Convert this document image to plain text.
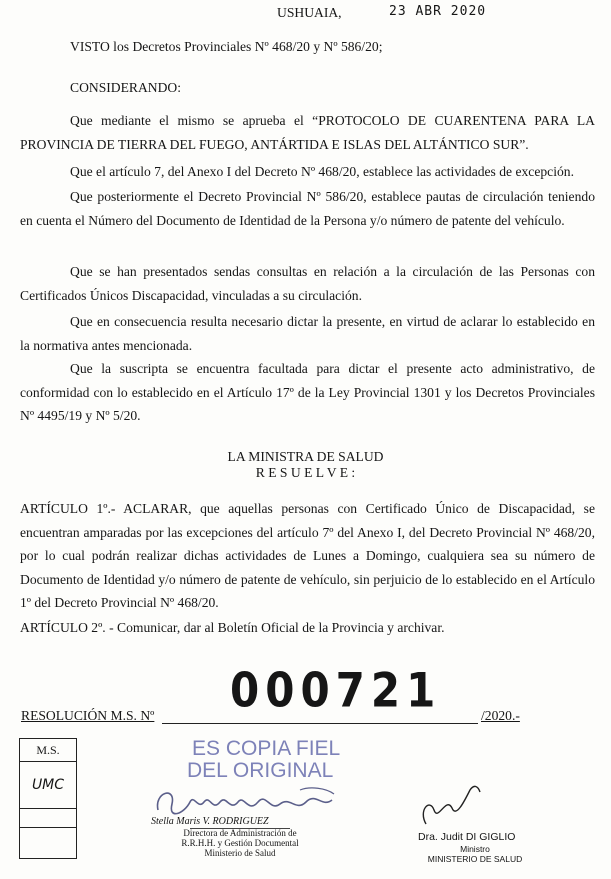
USHUAIA,	23 ABR 2020
VISTO los Decretos Provinciales Nº 468/20 y Nº 586/20;
CONSIDERANDO:
Que mediante el mismo se aprueba el “PROTOCOLO DE CUARENTENA PARA LA PROVINCIA DE TIERRA DEL FUEGO, ANTÁRTIDA E ISLAS DEL ALTÁNTICO SUR”.
Que el artículo 7, del Anexo I del Decreto Nº 468/20, establece las actividades de excepción.
Que posteriormente el Decreto Provincial Nº 586/20, establece pautas de circulación teniendo en cuenta el Número del Documento de Identidad de la Persona y/o número de patente del vehículo.
Que se han presentados sendas consultas en relación a la circulación de las Personas con Certificados Únicos Discapacidad, vinculadas a su circulación.
Que en consecuencia resulta necesario dictar la presente, en virtud de aclarar lo establecido en la normativa antes mencionada.
Que la suscripta se encuentra facultada para dictar el presente acto administrativo, de conformidad con lo establecido en el Artículo 17º de la Ley Provincial 1301 y los Decretos Provinciales Nº 4495/19 y Nº 5/20.
LA MINISTRA DE SALUD
R E S U E L V E :
ARTÍCULO 1º.- ACLARAR, que aquellas personas con Certificado Único de Discapacidad, se encuentran amparadas por las excepciones del artículo 7º del Anexo I, del Decreto Provincial Nº 468/20, por lo cual podrán realizar dichas actividades de Lunes a Domingo, cualquiera sea su número de Documento de Identidad y/o número de patente de vehículo, sin perjuicio de lo establecido en el Artículo 1º del Decreto Provincial Nº 468/20.
ARTÍCULO 2º. - Comunicar, dar al Boletín Oficial de la Provincia y archivar.
000721
RESOLUCIÓN M.S. Nº	/2020.-
M.S.
UMC

ES COPIA FIEL
DEL ORIGINAL
Stella Maris V. RODRIGUEZ
Directora de Administración de
R.R.H.H. y Gestión Documental
Ministerio de Salud
Dra. Judit DI GIGLIO
Ministro
MINISTERIO DE SALUD
